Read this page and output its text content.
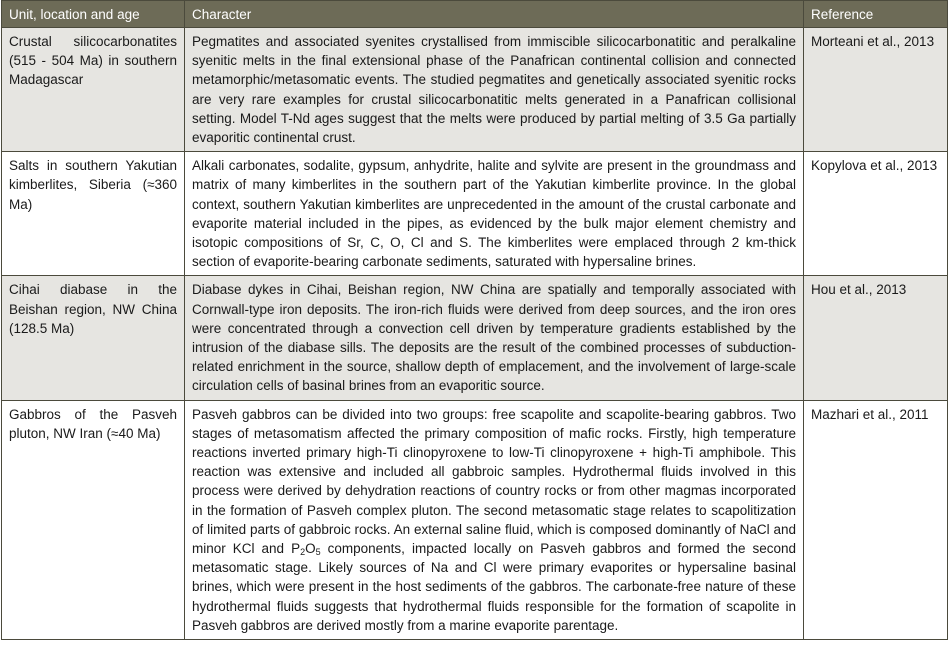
Unit, location and age	Character	Reference
Crustal silicocarbonatites (515 - 504 Ma) in southern Madagascar	Pegmatites and associated syenites crystallised from immiscible silicocarbonatitic and peralkaline syenitic melts in the final extensional phase of the Panafrican continental collision and connected metamorphic/metasomatic events. The studied pegmatites and genetically associated syenitic rocks are very rare examples for crustal silicocarbonatitic melts generated in a Panafrican collisional setting. Model T-Nd ages suggest that the melts were produced by partial melting of 3.5 Ga partially evaporitic continental crust.	Morteani et al., 2013
Salts in southern Yakutian kimberlites, Siberia (≈360 Ma)	Alkali carbonates, sodalite, gypsum, anhydrite, halite and sylvite are present in the groundmass and matrix of many kimberlites in the southern part of the Yakutian kimberlite province. In the global context, southern Yakutian kimberlites are unprecedented in the amount of the crustal carbonate and evaporite material included in the pipes, as evidenced by the bulk major element chemistry and isotopic compositions of Sr, C, O, Cl and S. The kimberlites were emplaced through 2 km-thick section of evaporite-bearing carbonate sediments, saturated with hypersaline brines.	Kopylova et al., 2013
Cihai diabase in the Beishan region, NW China (128.5 Ma)	Diabase dykes in Cihai, Beishan region, NW China are spatially and temporally associated with Cornwall-type iron deposits. The iron-rich fluids were derived from deep sources, and the iron ores were concentrated through a convection cell driven by temperature gradients established by the intrusion of the diabase sills. The deposits are the result of the combined processes of subduction-related enrichment in the source, shallow depth of emplacement, and the involvement of large-scale circulation cells of basinal brines from an evaporitic source.	Hou et al., 2013
Gabbros of the Pasveh pluton, NW Iran (≈40 Ma)	Pasveh gabbros can be divided into two groups: free scapolite and scapolite-bearing gabbros. Two stages of metasomatism affected the primary composition of mafic rocks. Firstly, high temperature reactions inverted primary high-Ti clinopyroxene to low-Ti clinopyroxene + high-Ti amphibole. This reaction was extensive and included all gabbroic samples. Hydrothermal fluids involved in this process were derived by dehydration reactions of country rocks or from other magmas incorporated in the formation of Pasveh complex pluton. The second metasomatic stage relates to scapolitization of limited parts of gabbroic rocks. An external saline fluid, which is composed dominantly of NaCl and minor KCl and $P_2O_5$ components, impacted locally on Pasveh gabbros and formed the second metasomatic stage. Likely sources of Na and Cl were primary evaporites or hypersaline basinal brines, which were present in the host sediments of the gabbros. The carbonate-free nature of these hydrothermal fluids suggests that hydrothermal fluids responsible for the formation of scapolite in Pasveh gabbros are derived mostly from a marine evaporite parentage.	Mazhari et al., 2011
